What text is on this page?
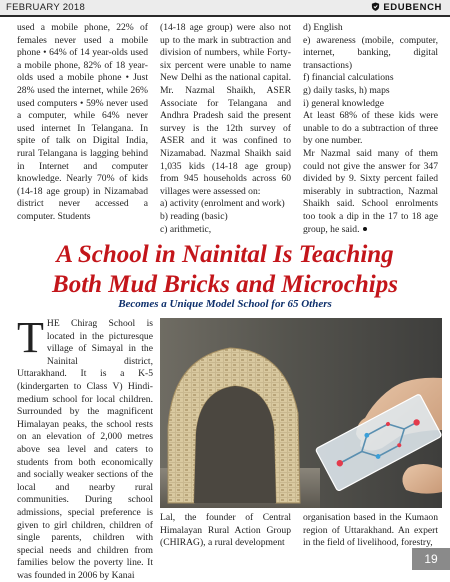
FEBRUARY 2018	EDUBENCH

used a mobile phone, 22% of females never used a mobile phone • 64% of 14 year-olds used a mobile phone, 82% of 18 year-olds used a mobile phone • Just 28% used the internet, while 26% used computers • 59% never used a computer, while 64% never used internet In Telangana. In spite of talk on Digital India, rural Telangana is lagging behind in Internet and computer knowledge. Nearly 70% of kids (14-18 age group) in Nizamabad district never accessed a computer. Students

(14-18 age group) were also not up to the mark in subtraction and division of numbers, while Forty-six percent were unable to name New Delhi as the national capital. Mr. Nazmal Shaikh, ASER Associate for Telangana and Andhra Pradesh said the present survey is the 12th survey of ASER and it was confined to Nizamabad. Nazmal Shaikh said 1,035 kids (14-18 age group) from 945 households across 60 villages were assessed on:

a) activity (enrolment and work)

b) reading (basic)

c) arithmetic,

d) English

e) awareness (mobile, computer, internet, banking, digital transactions)

f) financial calculations

g) daily tasks, h) maps

i) general knowledge

At least 68% of these kids were unable to do a subtraction of three by one number.

Mr Nazmal said many of them could not give the answer for 347 divided by 9. Sixty percent failed miserably in subtraction, Nazmal Shaikh said. School enrolments too took a dip in the 17 to 18 age group, he said.

A School in Nainital Is Teaching
Both Mud Bricks and Microchips
Becomes a Unique Model School for 65 Others
T HE Chirag School is located in the picturesque village of Simayal in the Nainital district, Uttarakhand. It is a K-5 (kindergarten to Class V) Hindi-medium school for local children. Surrounded by the magnificent Himalayan peaks, the school rests on an elevation of 2,000 metres above sea level and caters to students from both economically and socially weaker sections of the local and nearby rural communities. During school admissions, special preference is given to girl children, children of single parents, children with special needs and children from families below the poverty line. It was founded in 2006 by Kanai

Lal, the founder of Central Himalayan Rural Action Group (CHIRAG), a rural development

organisation based in the Kumaon region of Uttarakhand. An expert in the field of livelihood, forestry,

19
